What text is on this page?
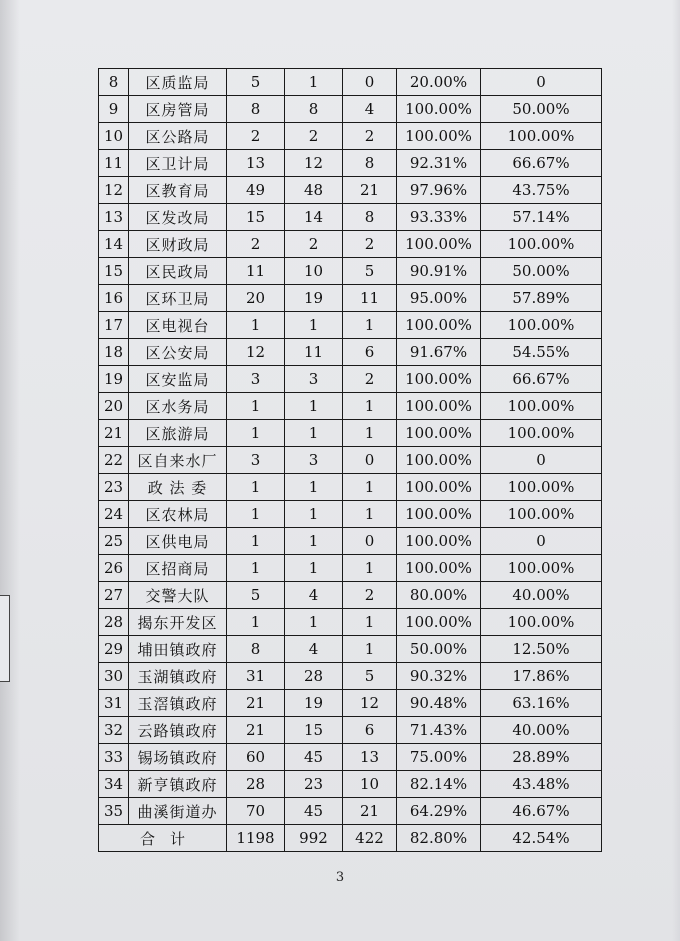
8	区质监局	5	1	0	20.00%	0
9	区房管局	8	8	4	100.00%	50.00%
10	区公路局	2	2	2	100.00%	100.00%
11	区卫计局	13	12	8	92.31%	66.67%
12	区教育局	49	48	21	97.96%	43.75%
13	区发改局	15	14	8	93.33%	57.14%
14	区财政局	2	2	2	100.00%	100.00%
15	区民政局	11	10	5	90.91%	50.00%
16	区环卫局	20	19	11	95.00%	57.89%
17	区电视台	1	1	1	100.00%	100.00%
18	区公安局	12	11	6	91.67%	54.55%
19	区安监局	3	3	2	100.00%	66.67%
20	区水务局	1	1	1	100.00%	100.00%
21	区旅游局	1	1	1	100.00%	100.00%
22	区自来水厂	3	3	0	100.00%	0
23	政 法 委	1	1	1	100.00%	100.00%
24	区农林局	1	1	1	100.00%	100.00%
25	区供电局	1	1	0	100.00%	0
26	区招商局	1	1	1	100.00%	100.00%
27	交警大队	5	4	2	80.00%	40.00%
28	揭东开发区	1	1	1	100.00%	100.00%
29	埔田镇政府	8	4	1	50.00%	12.50%
30	玉湖镇政府	31	28	5	90.32%	17.86%
31	玉滘镇政府	21	19	12	90.48%	63.16%
32	云路镇政府	21	15	6	71.43%	40.00%
33	锡场镇政府	60	45	13	75.00%	28.89%
34	新亨镇政府	28	23	10	82.14%	43.48%
35	曲溪街道办	70	45	21	64.29%	46.67%
合　计		1198	992	422	82.80%	42.54%
3
